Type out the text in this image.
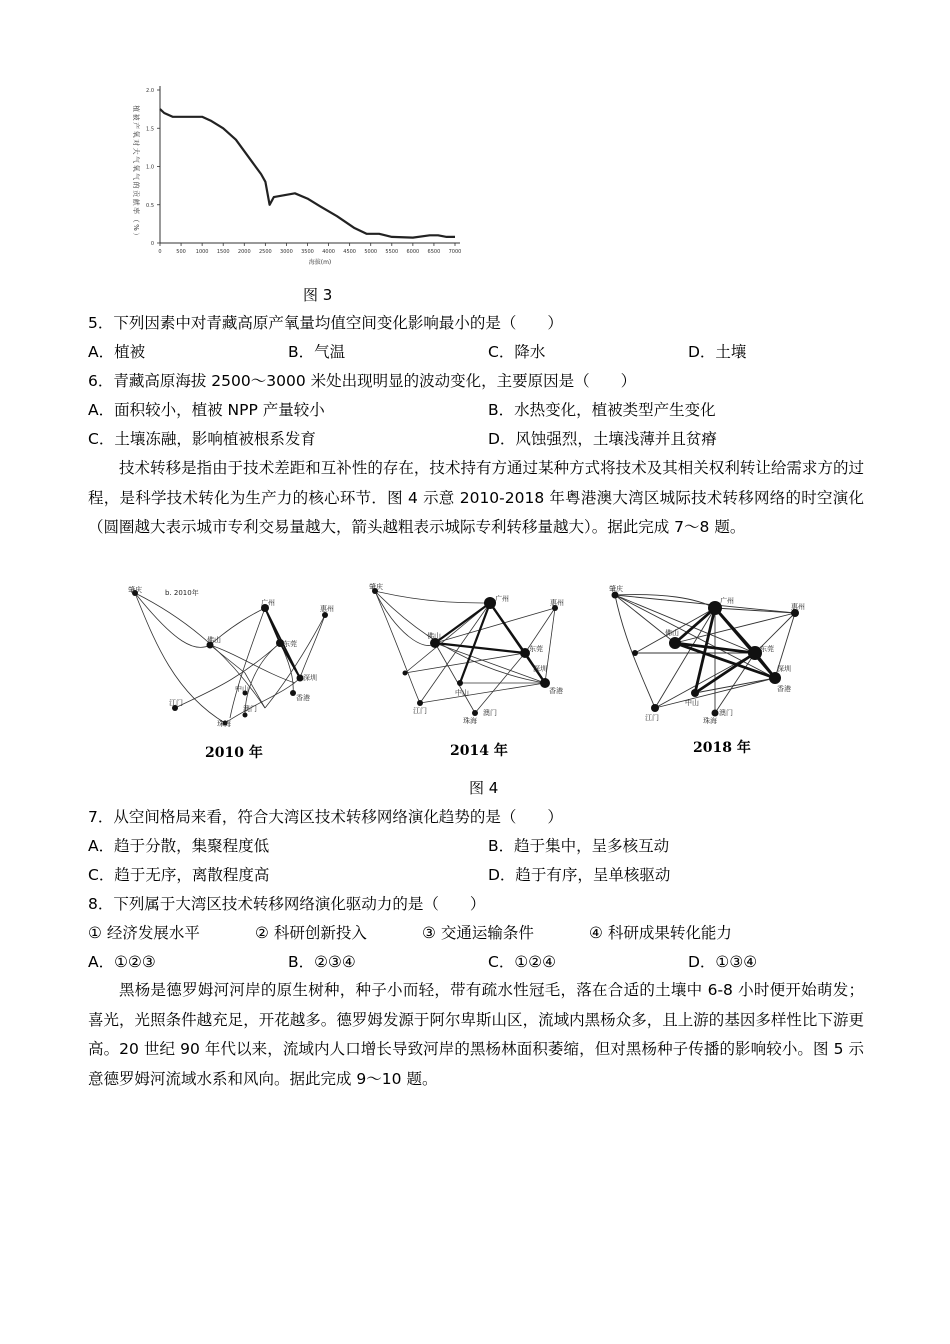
0	500 1000 1500 2000 2500 3000 3500 4000 4500 5000 5500 6000 6500 7000
0
0.5
1.0
1.5
2.0
植被产氧对大气氧气的贡献率（%）
海拔(m)
图 3
5．下列因素中对青藏高原产氧量均值空间变化影响最小的是（　　）
A．植被	B．气温	C．降水	D．土壤
6．青藏高原海拔 2500～3000 米处出现明显的波动变化，主要原因是（　　）
A．面积较小，植被 NPP 产量较小	B．水热变化，植被类型产生变化
C．土壤冻融，影响植被根系发育	D．风蚀强烈，土壤浅薄并且贫瘠
技术转移是指由于技术差距和互补性的存在，技术持有方通过某种方式将技术及其相关权利转让给需求方的过程，是科学技术转化为生产力的核心环节．图 4 示意 2010-2018 年粤港澳大湾区城际技术转移网络的时空演化（圆圈越大表示城市专利交易量越大，箭头越粗表示城际专利转移量越大）。据此完成 7～8 题。
b. 2010年
肇庆
广州
佛山
惠州
东莞
江门
中山
深圳
珠海
澳门
香港
肇庆
广州
佛山
惠州
东莞
江门
中山
深圳
珠海
澳门
香港
肇庆
广州
佛山
惠州
东莞
江门
中山
深圳
珠海
澳门
香港
2010 年	2014 年	2018 年
图 4
7．从空间格局来看，符合大湾区技术转移网络演化趋势的是（　　）
A．趋于分散，集聚程度低	B．趋于集中，呈多核互动
C．趋于无序，离散程度高	D．趋于有序，呈单核驱动
8．下列属于大湾区技术转移网络演化驱动力的是（　　）
① 经济发展水平	② 科研创新投入	③ 交通运输条件	④ 科研成果转化能力
A．①②③	B．②③④	C．①②④	D．①③④
黑杨是德罗姆河河岸的原生树种，种子小而轻，带有疏水性冠毛，落在合适的土壤中 6-8 小时便开始萌发；喜光，光照条件越充足，开花越多。德罗姆发源于阿尔卑斯山区，流域内黑杨众多，且上游的基因多样性比下游更高。20 世纪 90 年代以来，流域内人口增长导致河岸的黑杨林面积萎缩，但对黑杨种子传播的影响较小。图 5 示意德罗姆河流域水系和风向。据此完成 9～10 题。
